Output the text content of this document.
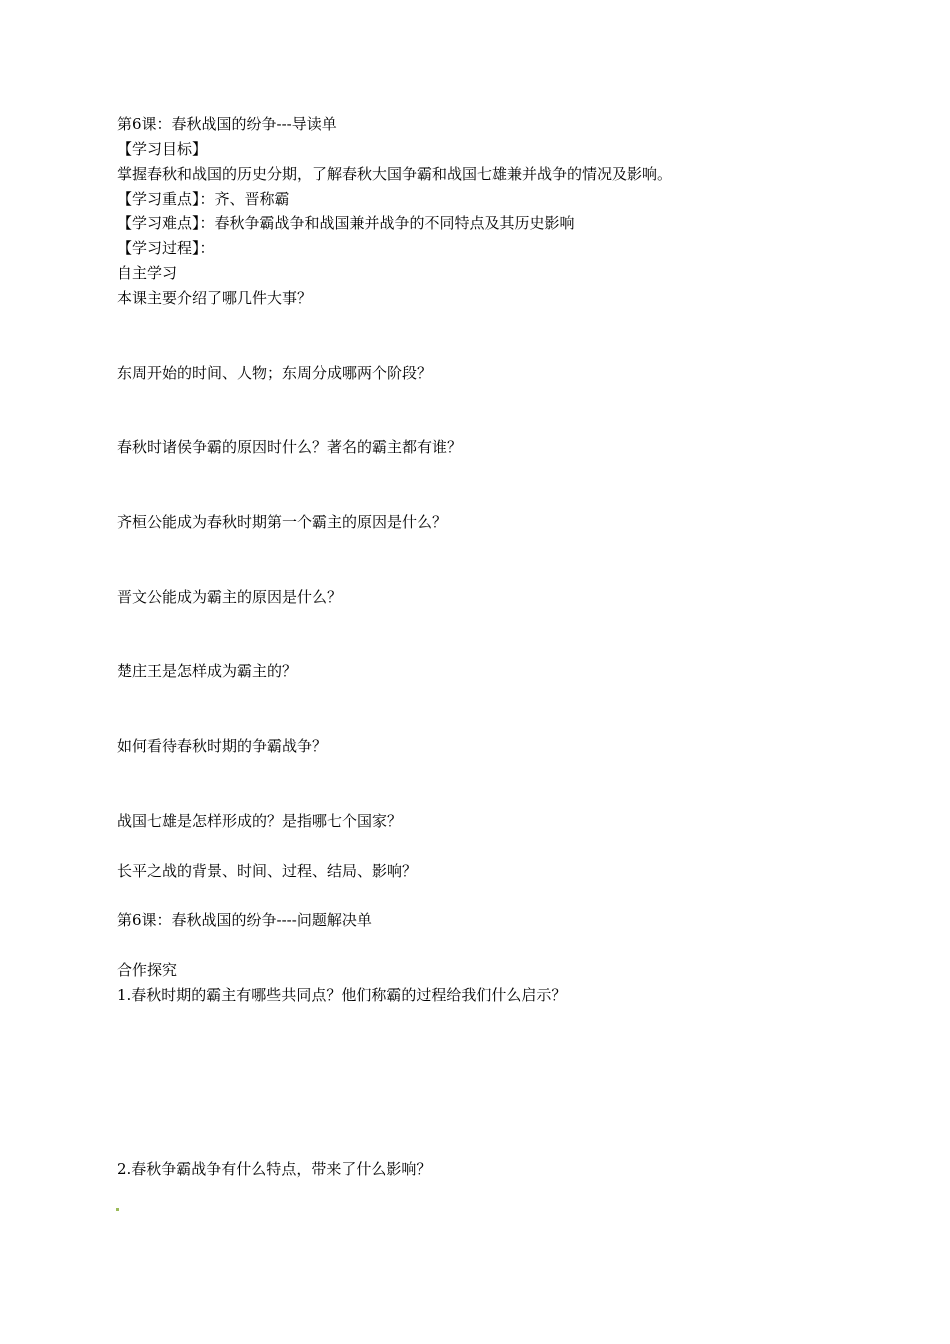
第6课：春秋战国的纷争---导读单
【学习目标】
掌握春秋和战国的历史分期，了解春秋大国争霸和战国七雄兼并战争的情况及影响。
【学习重点】：齐、晋称霸
【学习难点】：春秋争霸战争和战国兼并战争的不同特点及其历史影响
【学习过程】：
自主学习
本课主要介绍了哪几件大事？
东周开始的时间、人物；东周分成哪两个阶段？
春秋时诸侯争霸的原因时什么？著名的霸主都有谁？
齐桓公能成为春秋时期第一个霸主的原因是什么？
晋文公能成为霸主的原因是什么？
楚庄王是怎样成为霸主的？
如何看待春秋时期的争霸战争？
战国七雄是怎样形成的？是指哪七个国家？
长平之战的背景、时间、过程、结局、影响？
第6课：春秋战国的纷争----问题解决单
合作探究
1.春秋时期的霸主有哪些共同点？他们称霸的过程给我们什么启示？
2.春秋争霸战争有什么特点，带来了什么影响？
